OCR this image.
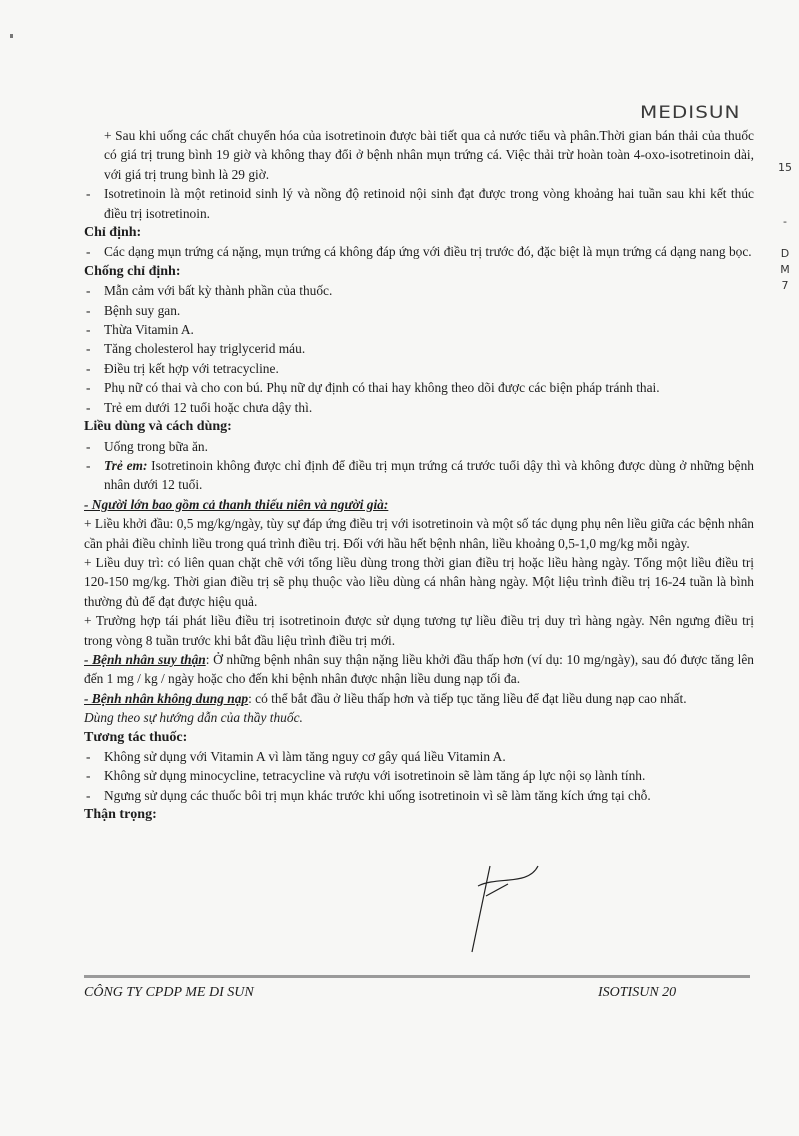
MEDISUN
15
-
D
M
7

+ Sau khi uống các chất chuyển hóa của isotretinoin được bài tiết qua cả nước tiểu và phân.Thời gian bán thải của thuốc có giá trị trung bình 19 giờ và không thay đổi ở bệnh nhân mụn trứng cá. Việc thải trừ hoàn toàn 4-oxo-isotretinoin dài, với giá trị trung bình là 29 giờ.

- Isotretinoin là một retinoid sinh lý và nồng độ retinoid nội sinh đạt được trong vòng khoảng hai tuần sau khi kết thúc điều trị isotretinoin.

Chỉ định:

- Các dạng mụn trứng cá nặng, mụn trứng cá không đáp ứng với điều trị trước đó, đặc biệt là mụn trứng cá dạng nang bọc.

Chống chỉ định:

- Mẫn cảm với bất kỳ thành phần của thuốc.

- Bệnh suy gan.

- Thừa Vitamin A.

- Tăng cholesterol hay triglycerid máu.

- Điều trị kết hợp với tetracycline.

- Phụ nữ có thai và cho con bú. Phụ nữ dự định có thai hay không theo dõi được các biện pháp tránh thai.

- Trẻ em dưới 12 tuổi hoặc chưa dậy thì.

Liều dùng và cách dùng:

- Uống trong bữa ăn.

- Trẻ em: Isotretinoin không được chỉ định để điều trị mụn trứng cá trước tuổi dậy thì và không được dùng ở những bệnh nhân dưới 12 tuổi.

- Người lớn bao gồm cả thanh thiếu niên và người già:

+ Liều khởi đầu: 0,5 mg/kg/ngày, tùy sự đáp ứng điều trị với isotretinoin và một số tác dụng phụ nên liều giữa các bệnh nhân cần phải điều chỉnh liều trong quá trình điều trị. Đối với hầu hết bệnh nhân, liều khoảng 0,5-1,0 mg/kg mỗi ngày.

+ Liều duy trì: có liên quan chặt chẽ với tổng liều dùng trong thời gian điều trị hoặc liều hàng ngày. Tổng một liều điều trị 120-150 mg/kg. Thời gian điều trị sẽ phụ thuộc vào liều dùng cá nhân hàng ngày. Một liệu trình điều trị 16-24 tuần là bình thường đủ để đạt được hiệu quả.

+ Trường hợp tái phát liều điều trị isotretinoin được sử dụng tương tự liều điều trị duy trì hàng ngày. Nên ngưng điều trị trong vòng 8 tuần trước khi bắt đầu liệu trình điều trị mới.

- Bệnh nhân suy thận: Ở những bệnh nhân suy thận nặng liều khởi đầu thấp hơn (ví dụ: 10 mg/ngày), sau đó được tăng lên đến 1 mg / kg / ngày hoặc cho đến khi bệnh nhân được nhận liều dung nạp tối đa.

- Bệnh nhân không dung nạp: có thể bắt đầu ở liều thấp hơn và tiếp tục tăng liều để đạt liều dung nạp cao nhất.

Dùng theo sự hướng dẫn của thầy thuốc.

Tương tác thuốc:

- Không sử dụng với Vitamin A vì làm tăng nguy cơ gây quá liều Vitamin A.

- Không sử dụng minocycline, tetracycline và rượu với isotretinoin sẽ làm tăng áp lực nội sọ lành tính.

- Ngưng sử dụng các thuốc bôi trị mụn khác trước khi uống isotretinoin vì sẽ làm tăng kích ứng tại chỗ.

Thận trọng:

CÔNG TY CPDP ME DI SUN	ISOTISUN 20
